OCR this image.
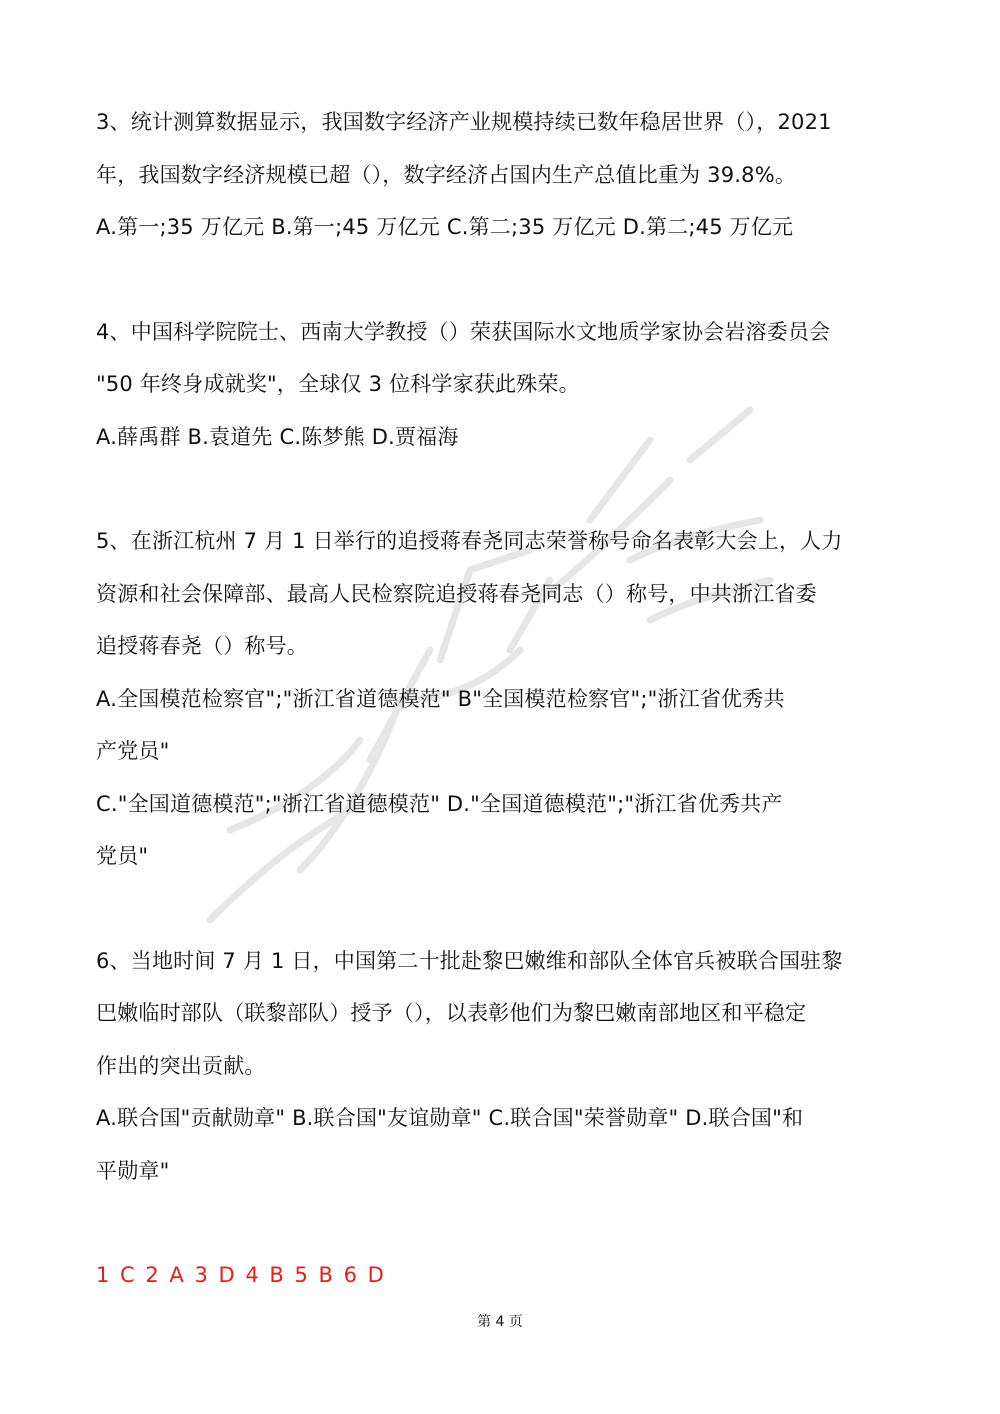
3、统计测算数据显示，我国数字经济产业规模持续已数年稳居世界（），2021
年，我国数字经济规模已超（），数字经济占国内生产总值比重为 39.8%。
A.第一;35 万亿元 B.第一;45 万亿元 C.第二;35 万亿元 D.第二;45 万亿元
4、中国科学院院士、西南大学教授（）荣获国际水文地质学家协会岩溶委员会
"50 年终身成就奖"，全球仅 3 位科学家获此殊荣。
A.薛禹群 B.袁道先 C.陈梦熊 D.贾福海
5、在浙江杭州 7 月 1 日举行的追授蒋春尧同志荣誉称号命名表彰大会上，人力
资源和社会保障部、最高人民检察院追授蒋春尧同志（）称号，中共浙江省委
追授蒋春尧（）称号。
A.全国模范检察官";"浙江省道德模范" B"全国模范检察官";"浙江省优秀共
产党员"
C."全国道德模范";"浙江省道德模范" D."全国道德模范";"浙江省优秀共产
党员"
6、当地时间 7 月 1 日，中国第二十批赴黎巴嫩维和部队全体官兵被联合国驻黎
巴嫩临时部队（联黎部队）授予（），以表彰他们为黎巴嫩南部地区和平稳定
作出的突出贡献。
A.联合国"贡献勋章" B.联合国"友谊勋章" C.联合国"荣誉勋章" D.联合国"和
平勋章"
1 C 2 A 3 D 4 B 5 B 6 D
第 4 页
